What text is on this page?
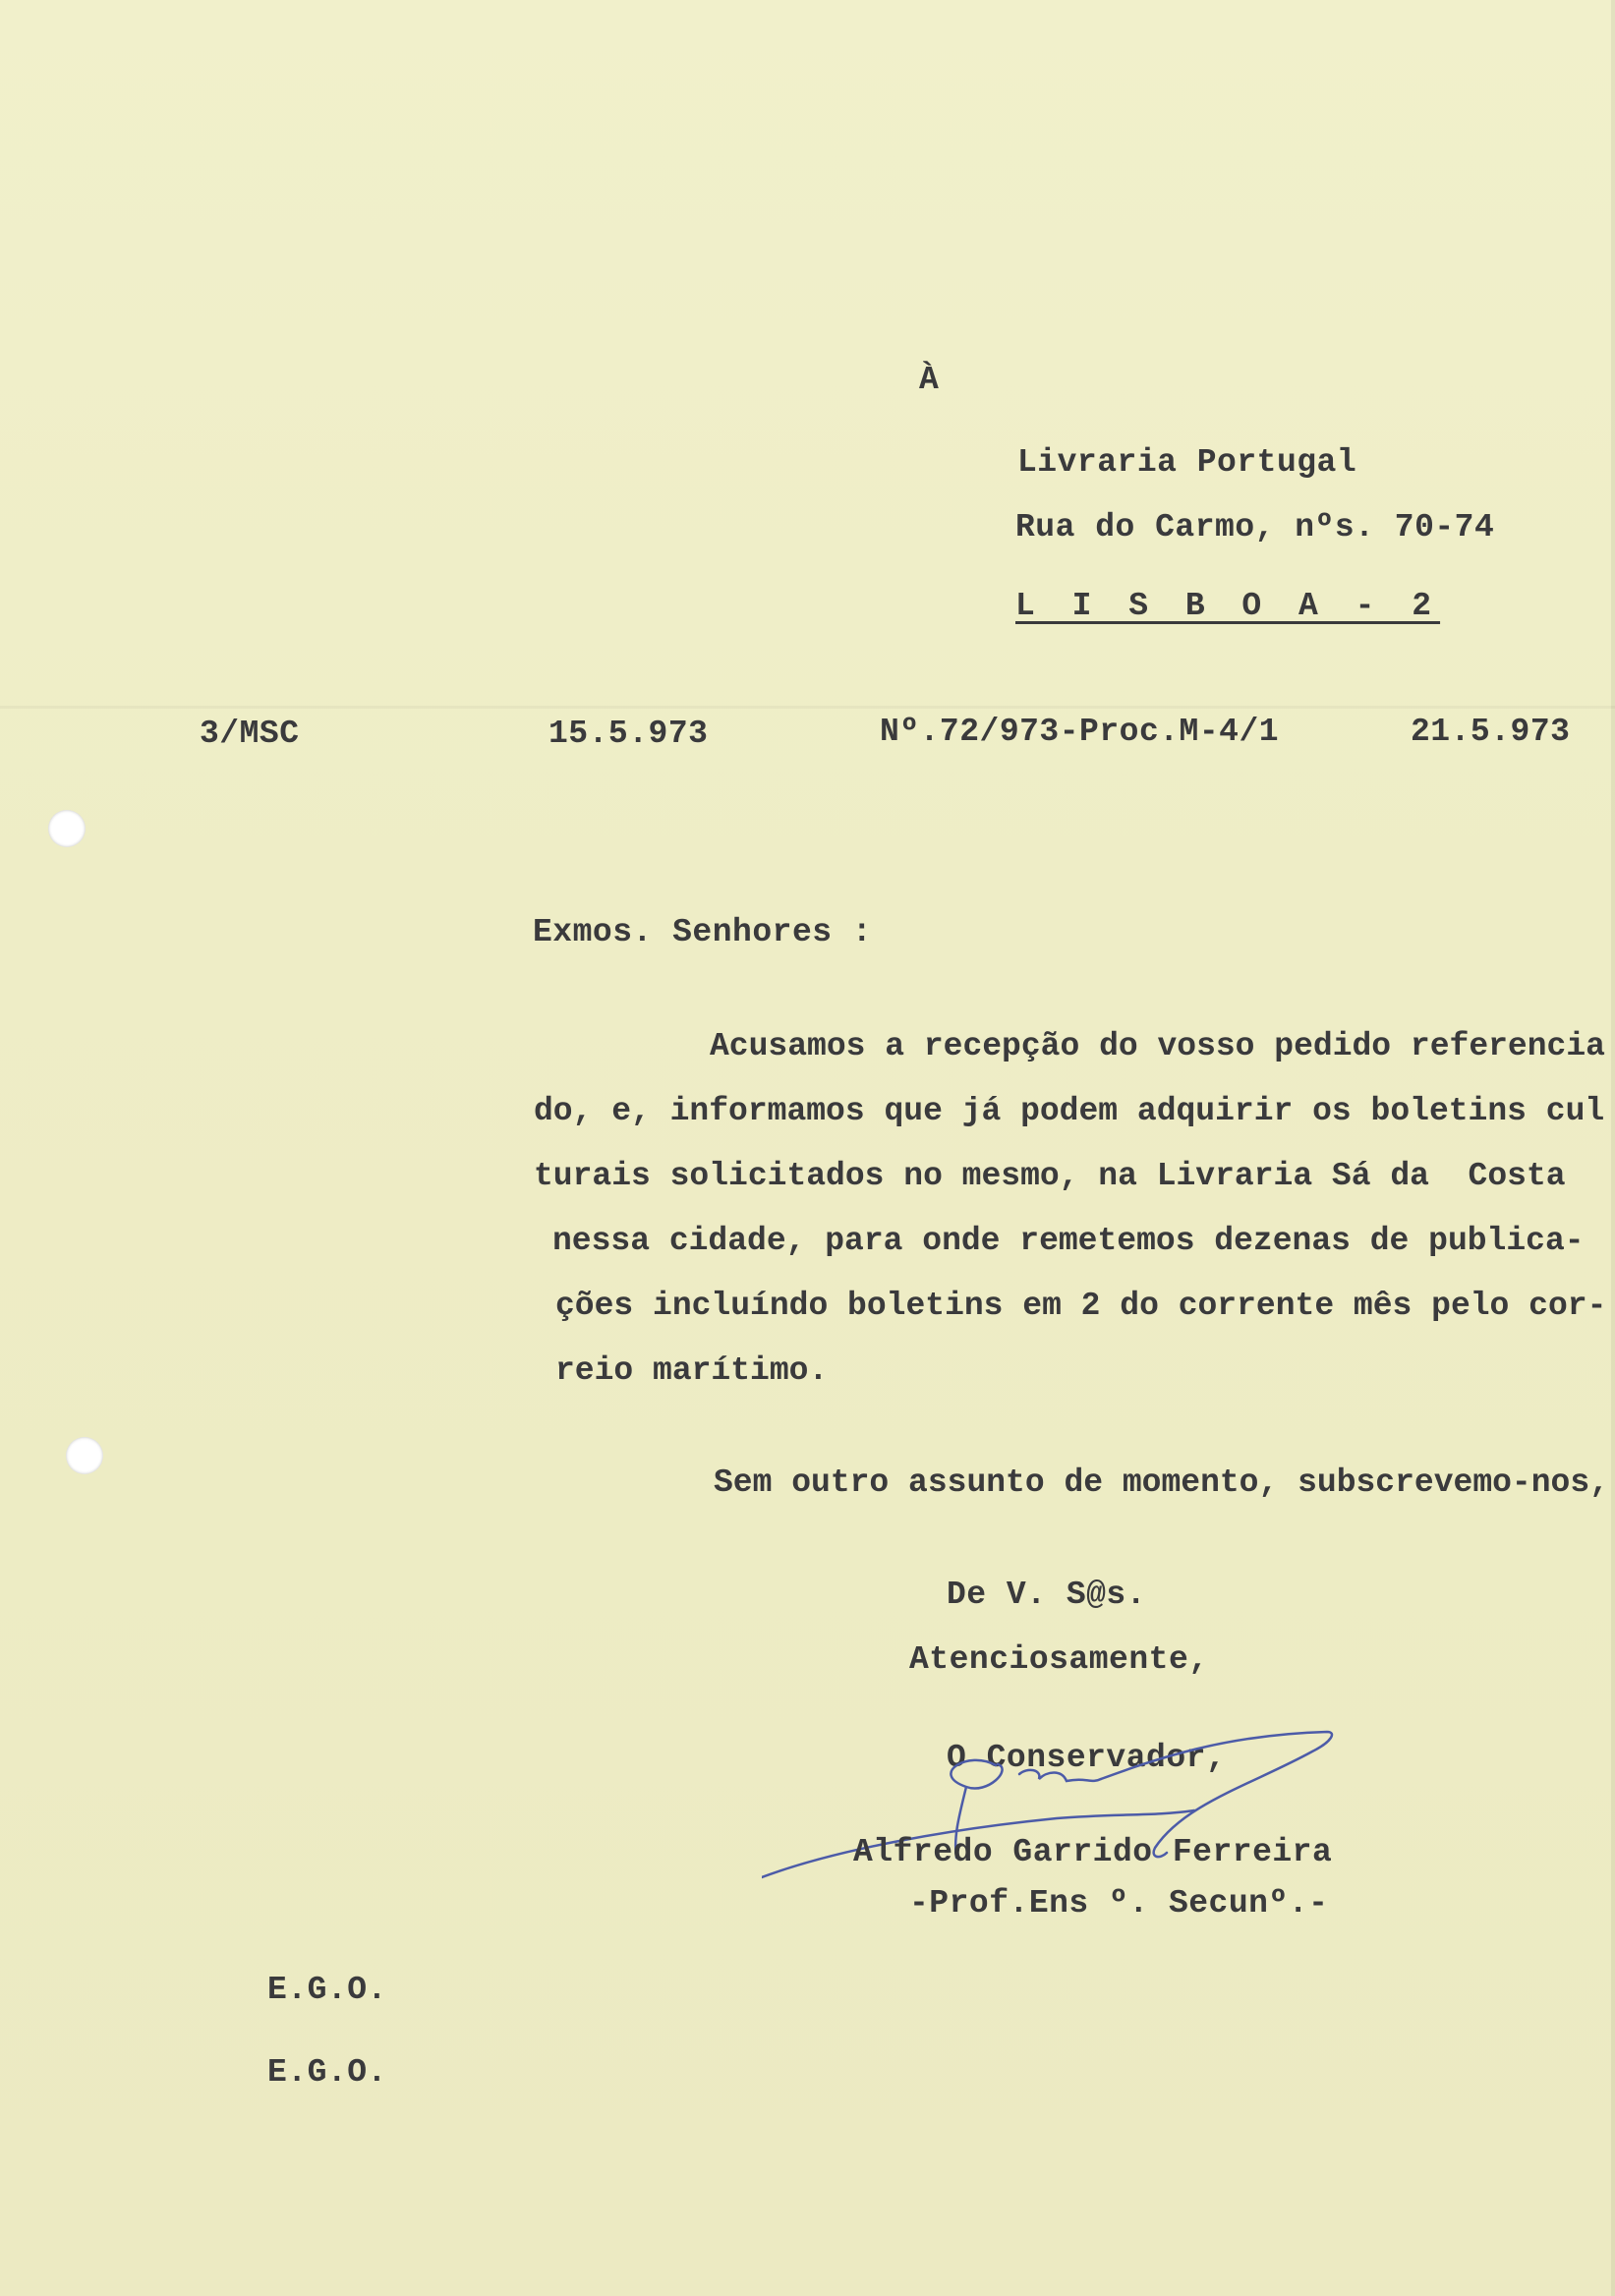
À
Livraria Portugal
Rua do Carmo, nºs. 70-74
L I S B O A - 2
3/MSC	15.5.973	Nº.72/973-Proc.M-4/1	21.5.973
Exmos. Senhores :
Acusamos a recepção do vosso pedido referencia
do, e, informamos que já podem adquirir os boletins cul
turais solicitados no mesmo, na Livraria Sá da  Costa
nessa cidade, para onde remetemos dezenas de publica-
ções incluíndo boletins em 2 do corrente mês pelo cor-
reio marítimo.
Sem outro assunto de momento, subscrevemo-nos,
De V. S@s.
Atenciosamente,
O Conservador,
Alfredo Garrido Ferreira
-Prof.Ens º. Secunº.-
E.G.O.
E.G.O.
